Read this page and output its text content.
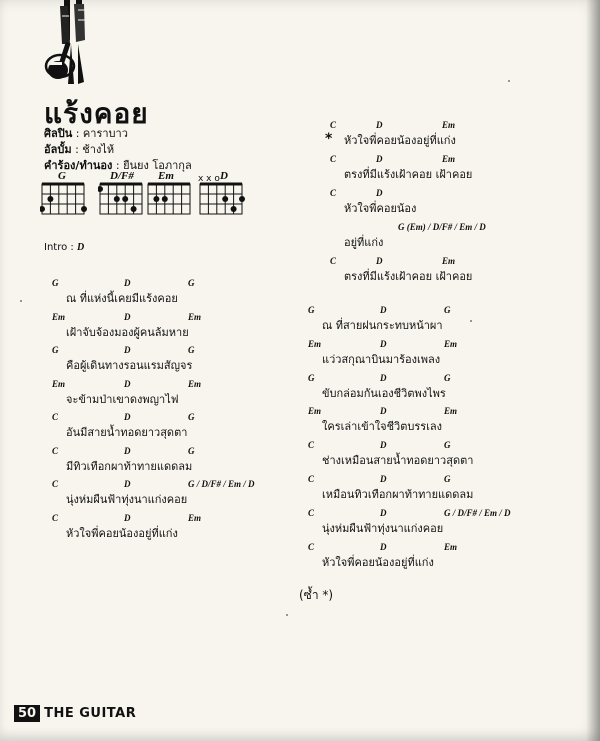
แร้งคอย
ศิลปิน : คาราบาว
อัลบั้ม : ช้างไห้
คำร้อง/ทำนอง : ยืนยง โอภากุล
G	D/F# Em	x x o D
Intro : D
G	D	G
ณ ที่แห่งนี้เคยมีแร้งคอย
Em	D	Em
เฝ้าจับจ้องมองผู้คนล้มหาย
G	D	G
คือผู้เดินทางรอนแรมสัญจร
Em	D	Em
จะข้ามป่าเขาดงพญาไฟ
C	D	G
อันมีสายน้ำทอดยาวสุดตา
C	D	G
มีทิวเทือกผาท้าทายแดดลม
C	D	G / D/F# / Em / D
นุ่งห่มผืนฟ้าทุ่งนาแก่งคอย
C	D	Em
หัวใจพี่คอยน้องอยู่ที่แก่ง
C	D	Em
หัวใจพี่คอยน้องอยู่ที่แก่ง
C	D	Em
ตรงที่มีแร้งเฝ้าคอย เฝ้าคอย
C	D
หัวใจพี่คอยน้อง
G (Em) / D/F# / Em / D
อยู่ที่แก่ง
C	D	Em
ตรงที่มีแร้งเฝ้าคอย เฝ้าคอย
G	D	G
ณ ที่สายฝนกระทบหน้าผา
Em	D	Em
แว่วสกุณาบินมาร้องเพลง
G	D	G
ขับกล่อมกันเองชีวิตพงไพร
Em	D	Em
ใครเล่าเข้าใจชีวิตบรรเลง
C	D	G
ช่างเหมือนสายน้ำทอดยาวสุดตา
C	D	G
เหมือนทิวเทือกผาท้าทายแดดลม
C	D	G / D/F# / Em / D
นุ่งห่มผืนฟ้าทุ่งนาแก่งคอย
C	D	Em
หัวใจพี่คอยน้องอยู่ที่แก่ง
*
(ซ้ำ *)
50 THE GUITAR
